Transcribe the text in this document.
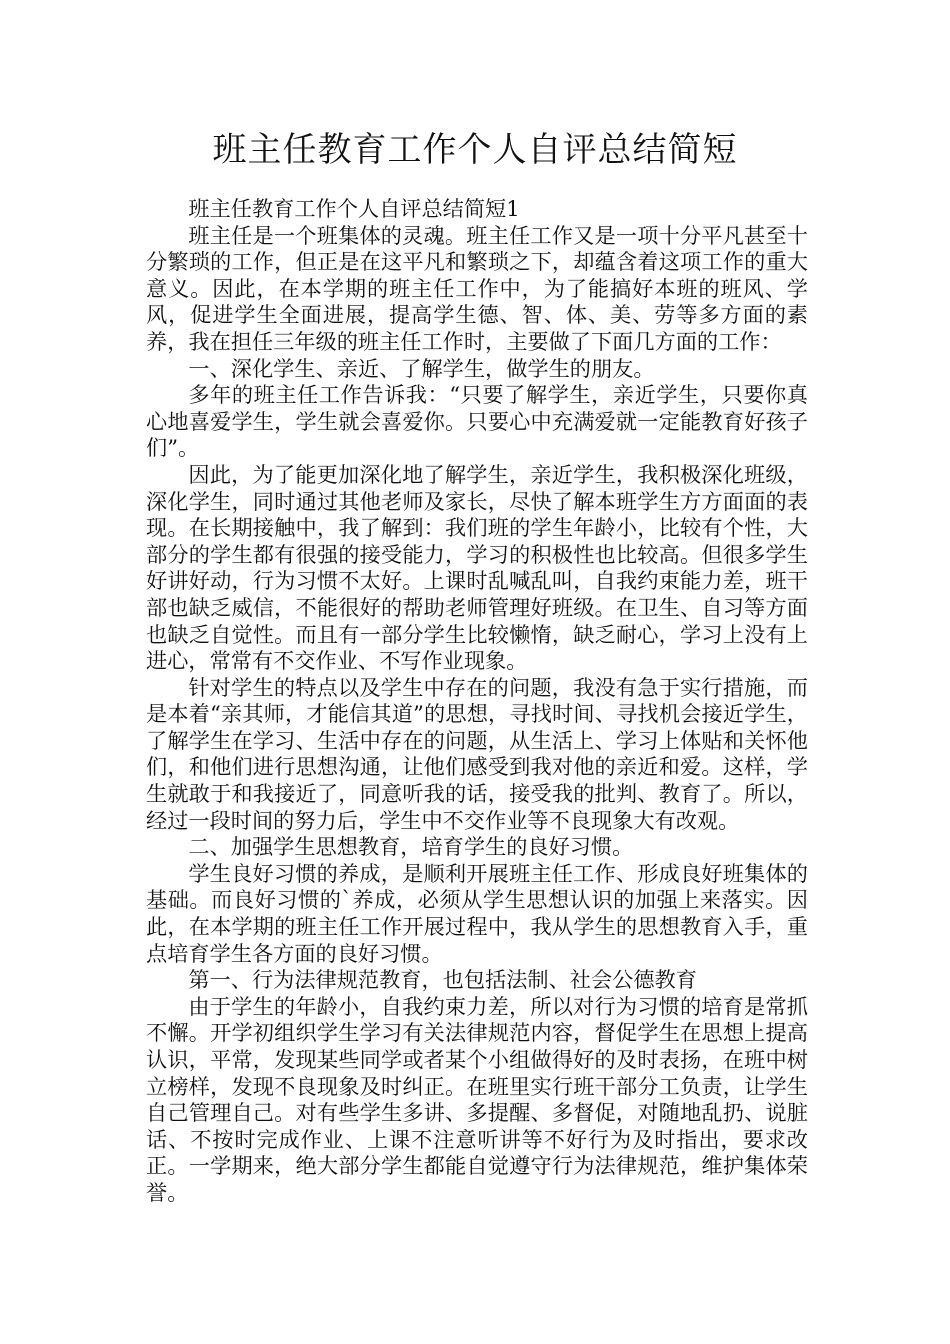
班主任教育工作个人自评总结简短

班主任教育工作个人自评总结简短1

班主任是一个班集体的灵魂。班主任工作又是一项十分平凡甚至十分繁琐的工作，但正是在这平凡和繁琐之下，却蕴含着这项工作的重大意义。因此，在本学期的班主任工作中，为了能搞好本班的班风、学风，促进学生全面进展，提高学生德、智、体、美、劳等多方面的素养，我在担任三年级的班主任工作时，主要做了下面几方面的工作：

一、深化学生、亲近、了解学生，做学生的朋友。

多年的班主任工作告诉我：“只要了解学生，亲近学生，只要你真心地喜爱学生，学生就会喜爱你。只要心中充满爱就一定能教育好孩子们”。

因此，为了能更加深化地了解学生，亲近学生，我积极深化班级，深化学生，同时通过其他老师及家长，尽快了解本班学生方方面面的表现。在长期接触中，我了解到：我们班的学生年龄小，比较有个性，大部分的学生都有很强的接受能力，学习的积极性也比较高。但很多学生好讲好动，行为习惯不太好。上课时乱喊乱叫，自我约束能力差，班干部也缺乏威信，不能很好的帮助老师管理好班级。在卫生、自习等方面也缺乏自觉性。而且有一部分学生比较懒惰，缺乏耐心，学习上没有上进心，常常有不交作业、不写作业现象。

针对学生的特点以及学生中存在的问题，我没有急于实行措施，而是本着“亲其师，才能信其道”的思想，寻找时间、寻找机会接近学生，了解学生在学习、生活中存在的问题，从生活上、学习上体贴和关怀他们，和他们进行思想沟通，让他们感受到我对他的亲近和爱。这样，学生就敢于和我接近了，同意听我的话，接受我的批判、教育了。所以，经过一段时间的努力后，学生中不交作业等不良现象大有改观。

二、加强学生思想教育，培育学生的良好习惯。

学生良好习惯的养成，是顺利开展班主任工作、形成良好班集体的基础。而良好习惯的`养成，必须从学生思想认识的加强上来落实。因此，在本学期的班主任工作开展过程中，我从学生的思想教育入手，重点培育学生各方面的良好习惯。

第一、行为法律规范教育，也包括法制、社会公德教育

由于学生的年龄小，自我约束力差，所以对行为习惯的培育是常抓不懈。开学初组织学生学习有关法律规范内容，督促学生在思想上提高认识，平常，发现某些同学或者某个小组做得好的及时表扬，在班中树立榜样，发现不良现象及时纠正。在班里实行班干部分工负责，让学生自己管理自己。对有些学生多讲、多提醒、多督促，对随地乱扔、说脏话、不按时完成作业、上课不注意听讲等不好行为及时指出，要求改正。一学期来，绝大部分学生都能自觉遵守行为法律规范，维护集体荣誉。
